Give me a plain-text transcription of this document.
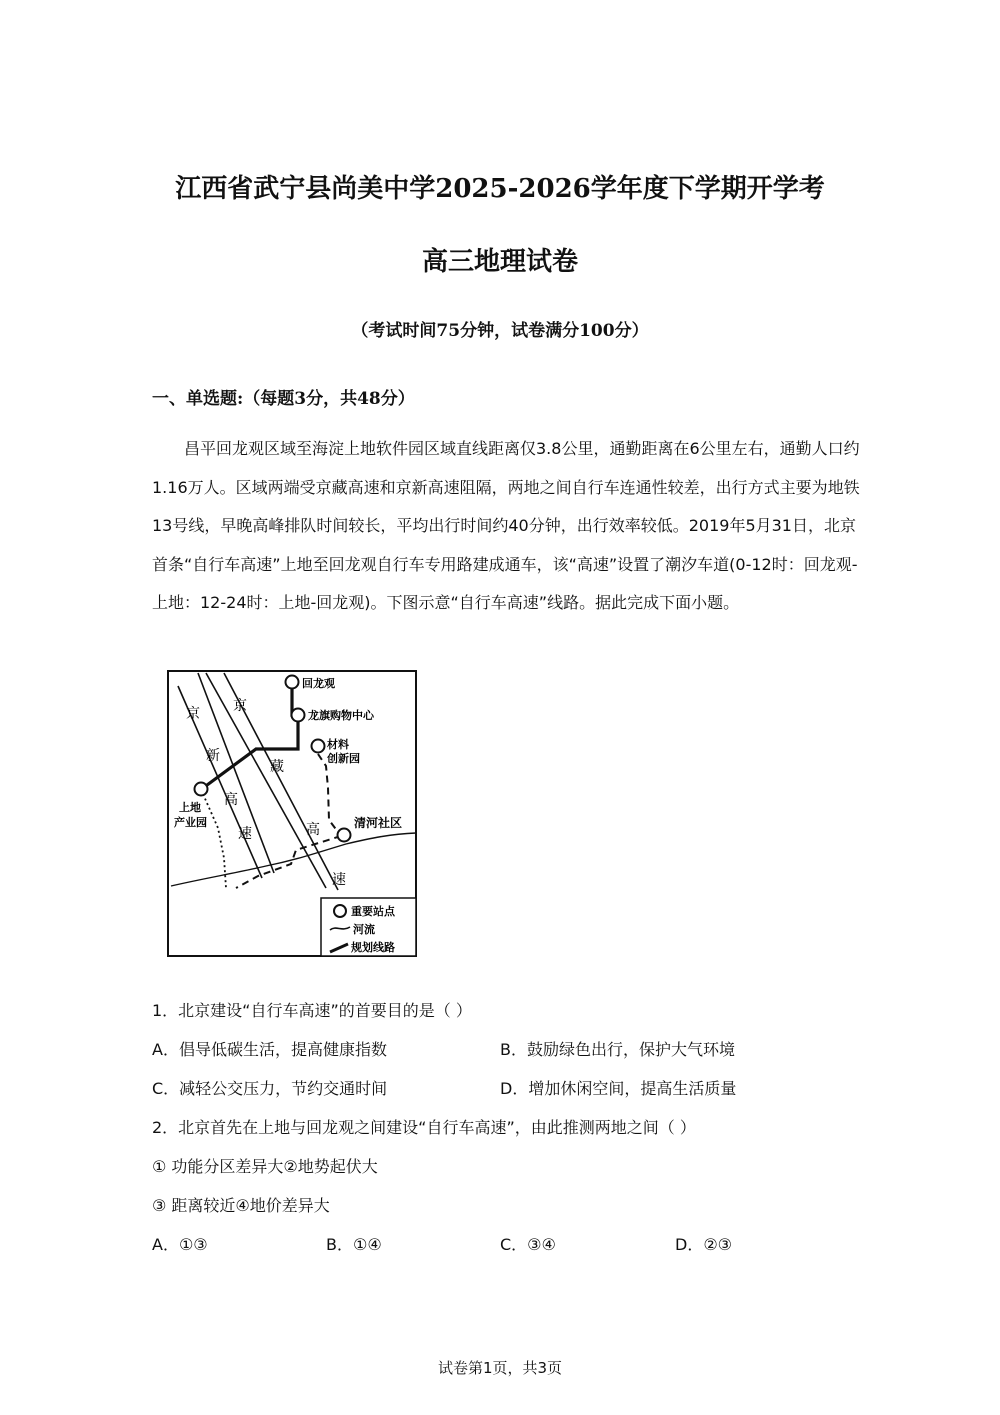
江西省武宁县尚美中学2025-2026学年度下学期开学考
高三地理试卷
（考试时间75分钟，试卷满分100分）
一、单选题:（每题3分，共48分）

昌平回龙观区域至海淀上地软件园区域直线距离仅3.8公里，通勤距离在6公里左右，通勤人口约1.16万人。区域两端受京藏高速和京新高速阻隔，两地之间自行车连通性较差，出行方式主要为地铁13号线，早晚高峰排队时间较长，平均出行时间约40分钟，出行效率较低。2019年5月31日，北京首条“自行车高速”上地至回龙观自行车专用路建成通车，该“高速”设置了潮汐车道(0-12时：回龙观-上地：12-24时：上地-回龙观)。下图示意“自行车高速”线路。据此完成下面小题。

回龙观
龙旗购物中心
材料
创新园
上地
产业园	清河社区
京
新
高
速
京
藏
高
速
重要站点
河流
规划线路
1．北京建设“自行车高速”的首要目的是（ ）
A．倡导低碳生活，提高健康指数	B．鼓励绿色出行，保护大气环境
C．减轻公交压力，节约交通时间	D．增加休闲空间，提高生活质量
2．北京首先在上地与回龙观之间建设“自行车高速”，由此推测两地之间（ ）
① 功能分区差异大②地势起伏大
③ 距离较近④地价差异大
A．①③	B．①④	C．③④	D．②③
试卷第1页，共3页
